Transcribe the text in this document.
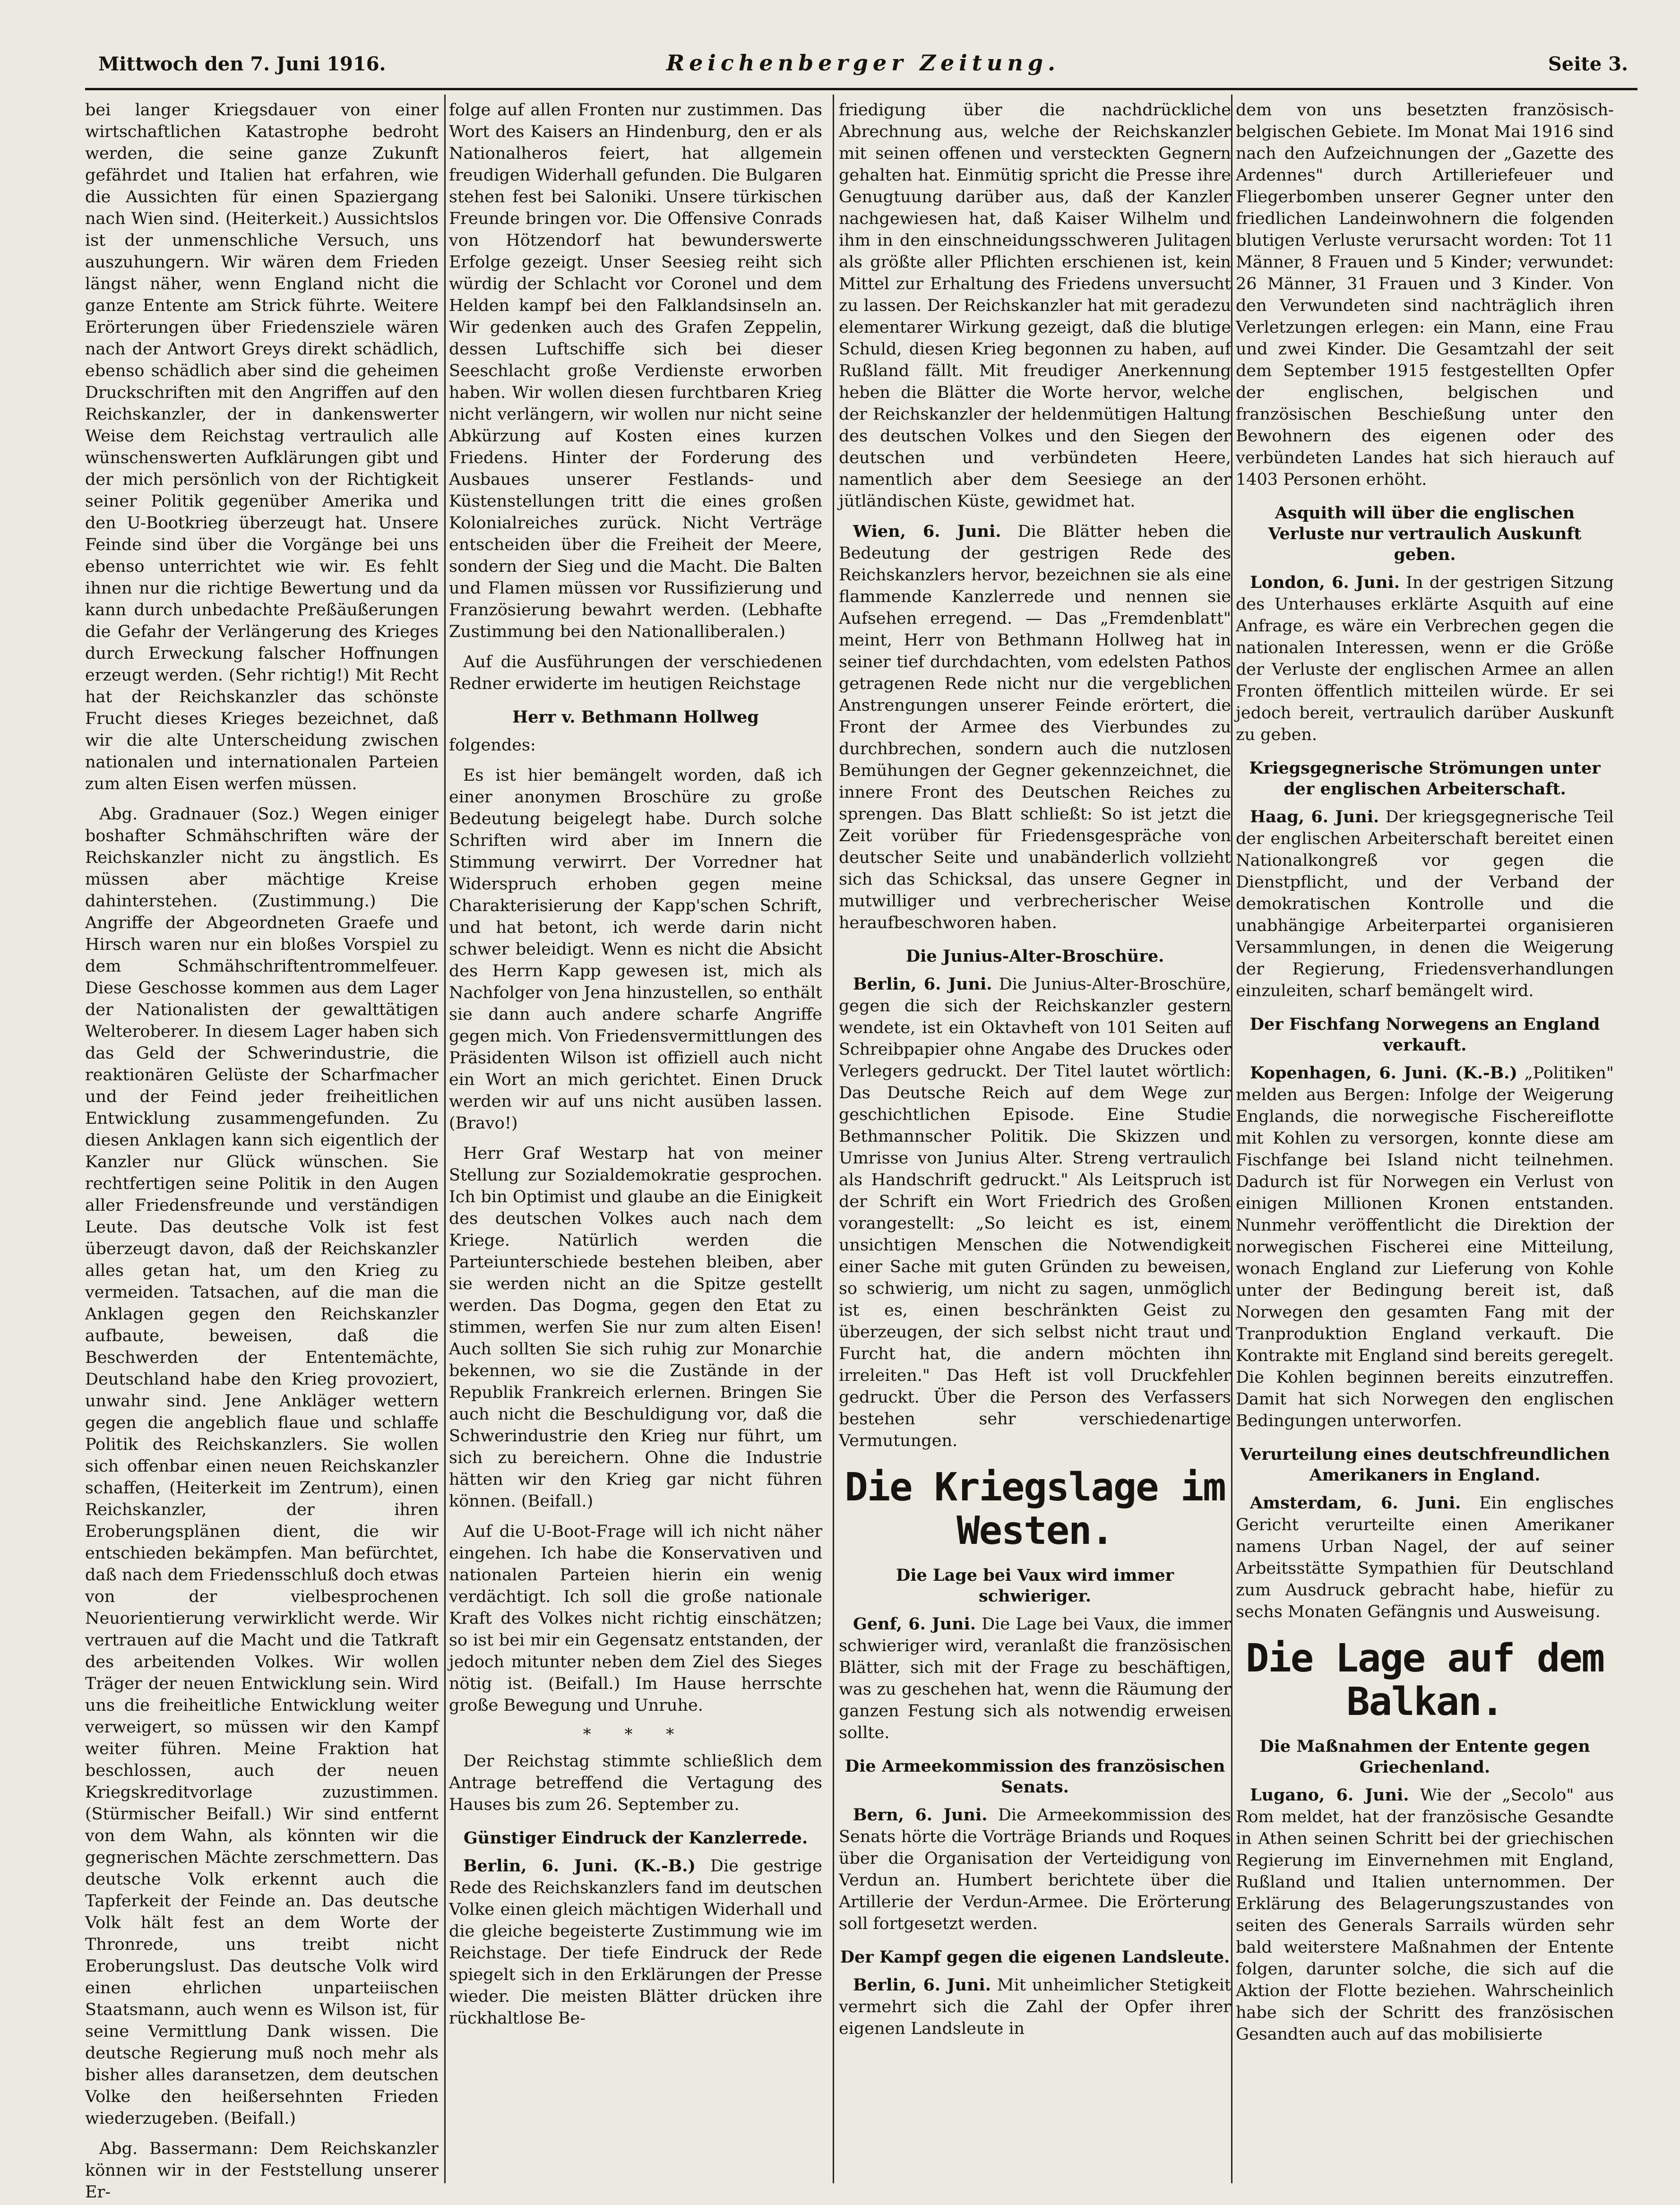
Mittwoch den 7. Juni 1916.	Reichenberger Zeitung.	Seite 3.

bei langer Kriegsdauer von einer wirtschaftlichen Katastrophe bedroht werden, die seine ganze Zukunft gefährdet und Italien hat erfahren, wie die Aussichten für einen Spaziergang nach Wien sind. (Heiterkeit.) Aussichtslos ist der unmenschliche Versuch, uns auszuhungern. Wir wären dem Frieden längst näher, wenn England nicht die ganze Entente am Strick führte. Weitere Erörterungen über Friedensziele wären nach der Antwort Greys direkt schädlich, ebenso schädlich aber sind die geheimen Druckschriften mit den Angriffen auf den Reichskanzler, der in dankenswerter Weise dem Reichstag vertraulich alle wünschenswerten Aufklärungen gibt und der mich persönlich von der Richtigkeit seiner Politik gegenüber Amerika und den U-Bootkrieg überzeugt hat. Unsere Feinde sind über die Vorgänge bei uns ebenso unterrichtet wie wir. Es fehlt ihnen nur die richtige Bewertung und da kann durch unbedachte Preßäußerungen die Gefahr der Verlängerung des Krieges durch Erweckung falscher Hoffnungen erzeugt werden. (Sehr richtig!) Mit Recht hat der Reichskanzler das schönste Frucht dieses Krieges bezeichnet, daß wir die alte Unterscheidung zwischen nationalen und internationalen Parteien zum alten Eisen werfen müssen.

Abg. Gradnauer (Soz.) Wegen einiger boshafter Schmähschriften wäre der Reichskanzler nicht zu ängstlich. Es müssen aber mächtige Kreise dahinterstehen. (Zustimmung.) Die Angriffe der Abgeordneten Graefe und Hirsch waren nur ein bloßes Vorspiel zu dem Schmähschriftentrommelfeuer. Diese Geschosse kommen aus dem Lager der Nationalisten der gewalttätigen Welteroberer. In diesem Lager haben sich das Geld der Schwerindustrie, die reaktionären Gelüste der Scharfmacher und der Feind jeder freiheitlichen Entwicklung zusammengefunden. Zu diesen Anklagen kann sich eigentlich der Kanzler nur Glück wünschen. Sie rechtfertigen seine Politik in den Augen aller Friedensfreunde und verständigen Leute. Das deutsche Volk ist fest überzeugt davon, daß der Reichskanzler alles getan hat, um den Krieg zu vermeiden. Tatsachen, auf die man die Anklagen gegen den Reichskanzler aufbaute, beweisen, daß die Beschwerden der Ententemächte, Deutschland habe den Krieg provoziert, unwahr sind. Jene Ankläger wettern gegen die angeblich flaue und schlaffe Politik des Reichskanzlers. Sie wollen sich offenbar einen neuen Reichskanzler schaffen, (Heiterkeit im Zentrum), einen Reichskanzler, der ihren Eroberungsplänen dient, die wir entschieden bekämpfen. Man befürchtet, daß nach dem Friedensschluß doch etwas von der vielbesprochenen Neuorientierung verwirklicht werde. Wir vertrauen auf die Macht und die Tatkraft des arbeitenden Volkes. Wir wollen Träger der neuen Entwicklung sein. Wird uns die freiheitliche Entwicklung weiter verweigert, so müssen wir den Kampf weiter führen. Meine Fraktion hat beschlossen, auch der neuen Kriegskreditvorlage zuzustimmen. (Stürmischer Beifall.) Wir sind entfernt von dem Wahn, als könnten wir die gegnerischen Mächte zerschmettern. Das deutsche Volk erkennt auch die Tapferkeit der Feinde an. Das deutsche Volk hält fest an dem Worte der Thronrede, uns treibt nicht Eroberungslust. Das deutsche Volk wird einen ehrlichen unparteiischen Staatsmann, auch wenn es Wilson ist, für seine Vermittlung Dank wissen. Die deutsche Regierung muß noch mehr als bisher alles daransetzen, dem deutschen Volke den heißersehnten Frieden wiederzugeben. (Beifall.)

Abg. Bassermann: Dem Reichskanzler können wir in der Feststellung unserer Er-

folge auf allen Fronten nur zustimmen. Das Wort des Kaisers an Hindenburg, den er als Nationalheros feiert, hat allgemein freudigen Widerhall gefunden. Die Bulgaren stehen fest bei Saloniki. Unsere türkischen Freunde bringen vor. Die Offensive Conrads von Hötzendorf hat bewunderswerte Erfolge gezeigt. Unser Seesieg reiht sich würdig der Schlacht vor Coronel und dem Helden kampf bei den Falklandsinseln an. Wir gedenken auch des Grafen Zeppelin, dessen Luftschiffe sich bei dieser Seeschlacht große Verdienste erworben haben. Wir wollen diesen furchtbaren Krieg nicht verlängern, wir wollen nur nicht seine Abkürzung auf Kosten eines kurzen Friedens. Hinter der Forderung des Ausbaues unserer Festlands- und Küstenstellungen tritt die eines großen Kolonialreiches zurück. Nicht Verträge entscheiden über die Freiheit der Meere, sondern der Sieg und die Macht. Die Balten und Flamen müssen vor Russifizierung und Französierung bewahrt werden. (Lebhafte Zustimmung bei den Nationalliberalen.)

Auf die Ausführungen der verschiedenen Redner erwiderte im heutigen Reichstage

Herr v. Bethmann Hollweg

folgendes:

Es ist hier bemängelt worden, daß ich einer anonymen Broschüre zu große Bedeutung beigelegt habe. Durch solche Schriften wird aber im Innern die Stimmung verwirrt. Der Vorredner hat Widerspruch erhoben gegen meine Charakterisierung der Kapp'schen Schrift, und hat betont, ich werde darin nicht schwer beleidigt. Wenn es nicht die Absicht des Herrn Kapp gewesen ist, mich als Nachfolger von Jena hinzustellen, so enthält sie dann auch andere scharfe Angriffe gegen mich. Von Friedensvermittlungen des Präsidenten Wilson ist offiziell auch nicht ein Wort an mich gerichtet. Einen Druck werden wir auf uns nicht ausüben lassen. (Bravo!)

Herr Graf Westarp hat von meiner Stellung zur Sozialdemokratie gesprochen. Ich bin Optimist und glaube an die Einigkeit des deutschen Volkes auch nach dem Kriege. Natürlich werden die Parteiunterschiede bestehen bleiben, aber sie werden nicht an die Spitze gestellt werden. Das Dogma, gegen den Etat zu stimmen, werfen Sie nur zum alten Eisen! Auch sollten Sie sich ruhig zur Monarchie bekennen, wo sie die Zustände in der Republik Frankreich erlernen. Bringen Sie auch nicht die Beschuldigung vor, daß die Schwerindustrie den Krieg nur führt, um sich zu bereichern. Ohne die Industrie hätten wir den Krieg gar nicht führen können. (Beifall.)

Auf die U-Boot-Frage will ich nicht näher eingehen. Ich habe die Konservativen und nationalen Parteien hierin ein wenig verdächtigt. Ich soll die große nationale Kraft des Volkes nicht richtig einschätzen; so ist bei mir ein Gegensatz entstanden, der jedoch mitunter neben dem Ziel des Sieges nötig ist. (Beifall.) Im Hause herrschte große Bewegung und Unruhe.

* * *

Der Reichstag stimmte schließlich dem Antrage betreffend die Vertagung des Hauses bis zum 26. September zu.

Günstiger Eindruck der Kanzlerrede.

Berlin, 6. Juni. (K.-B.) Die gestrige Rede des Reichskanzlers fand im deutschen Volke einen gleich mächtigen Widerhall und die gleiche begeisterte Zustimmung wie im Reichstage. Der tiefe Eindruck der Rede spiegelt sich in den Erklärungen der Presse wieder. Die meisten Blätter drücken ihre rückhaltlose Be-

friedigung über die nachdrückliche Abrechnung aus, welche der Reichskanzler mit seinen offenen und versteckten Gegnern gehalten hat. Einmütig spricht die Presse ihre Genugtuung darüber aus, daß der Kanzler nachgewiesen hat, daß Kaiser Wilhelm und ihm in den einschneidungsschweren Julitagen als größte aller Pflichten erschienen ist, kein Mittel zur Erhaltung des Friedens unversucht zu lassen. Der Reichskanzler hat mit geradezu elementarer Wirkung gezeigt, daß die blutige Schuld, diesen Krieg begonnen zu haben, auf Rußland fällt. Mit freudiger Anerkennung heben die Blätter die Worte hervor, welche der Reichskanzler der heldenmütigen Haltung des deutschen Volkes und den Siegen der deutschen und verbündeten Heere, namentlich aber dem Seesiege an der jütländischen Küste, gewidmet hat.

Wien, 6. Juni. Die Blätter heben die Bedeutung der gestrigen Rede des Reichskanzlers hervor, bezeichnen sie als eine flammende Kanzlerrede und nennen sie Aufsehen erregend. — Das „Fremdenblatt" meint, Herr von Bethmann Hollweg hat in seiner tief durchdachten, vom edelsten Pathos getragenen Rede nicht nur die vergeblichen Anstrengungen unserer Feinde erörtert, die Front der Armee des Vierbundes zu durchbrechen, sondern auch die nutzlosen Bemühungen der Gegner gekennzeichnet, die innere Front des Deutschen Reiches zu sprengen. Das Blatt schließt: So ist jetzt die Zeit vorüber für Friedensgespräche von deutscher Seite und unabänderlich vollzieht sich das Schicksal, das unsere Gegner in mutwilliger und verbrecherischer Weise heraufbeschworen haben.

Die Junius-Alter-Broschüre.

Berlin, 6. Juni. Die Junius-Alter-Broschüre, gegen die sich der Reichskanzler gestern wendete, ist ein Oktavheft von 101 Seiten auf Schreibpapier ohne Angabe des Druckes oder Verlegers gedruckt. Der Titel lautet wörtlich: Das Deutsche Reich auf dem Wege zur geschichtlichen Episode. Eine Studie Bethmannscher Politik. Die Skizzen und Umrisse von Junius Alter. Streng vertraulich als Handschrift gedruckt." Als Leitspruch ist der Schrift ein Wort Friedrich des Großen vorangestellt: „So leicht es ist, einem unsichtigen Menschen die Notwendigkeit einer Sache mit guten Gründen zu beweisen, so schwierig, um nicht zu sagen, unmöglich ist es, einen beschränkten Geist zu überzeugen, der sich selbst nicht traut und Furcht hat, die andern möchten ihn irreleiten." Das Heft ist voll Druckfehler gedruckt. Über die Person des Verfassers bestehen sehr verschiedenartige Vermutungen.

Die Kriegslage im Westen.
Die Lage bei Vaux wird immer schwieriger.

Genf, 6. Juni. Die Lage bei Vaux, die immer schwieriger wird, veranlaßt die französischen Blätter, sich mit der Frage zu beschäftigen, was zu geschehen hat, wenn die Räumung der ganzen Festung sich als notwendig erweisen sollte.

Die Armeekommission des französischen Senats.

Bern, 6. Juni. Die Armeekommission des Senats hörte die Vorträge Briands und Roques über die Organisation der Verteidigung von Verdun an. Humbert berichtete über die Artillerie der Verdun-Armee. Die Erörterung soll fortgesetzt werden.

Der Kampf gegen die eigenen Landsleute.

Berlin, 6. Juni. Mit unheimlicher Stetigkeit vermehrt sich die Zahl der Opfer ihrer eigenen Landsleute in

dem von uns besetzten französisch-belgischen Gebiete. Im Monat Mai 1916 sind nach den Aufzeichnungen der „Gazette des Ardennes" durch Artilleriefeuer und Fliegerbomben unserer Gegner unter den friedlichen Landeinwohnern die folgenden blutigen Verluste verursacht worden: Tot 11 Männer, 8 Frauen und 5 Kinder; verwundet: 26 Männer, 31 Frauen und 3 Kinder. Von den Verwundeten sind nachträglich ihren Verletzungen erlegen: ein Mann, eine Frau und zwei Kinder. Die Gesamtzahl der seit dem September 1915 festgestellten Opfer der englischen, belgischen und französischen Beschießung unter den Bewohnern des eigenen oder des verbündeten Landes hat sich hierauch auf 1403 Personen erhöht.

Asquith will über die englischen Verluste nur vertraulich Auskunft geben.

London, 6. Juni. In der gestrigen Sitzung des Unterhauses erklärte Asquith auf eine Anfrage, es wäre ein Verbrechen gegen die nationalen Interessen, wenn er die Größe der Verluste der englischen Armee an allen Fronten öffentlich mitteilen würde. Er sei jedoch bereit, vertraulich darüber Auskunft zu geben.

Kriegsgegnerische Strömungen unter der englischen Arbeiterschaft.

Haag, 6. Juni. Der kriegsgegnerische Teil der englischen Arbeiterschaft bereitet einen Nationalkongreß vor gegen die Dienstpflicht, und der Verband der demokratischen Kontrolle und die unabhängige Arbeiterpartei organisieren Versammlungen, in denen die Weigerung der Regierung, Friedensverhandlungen einzuleiten, scharf bemängelt wird.

Der Fischfang Norwegens an England verkauft.

Kopenhagen, 6. Juni. (K.-B.) „Politiken" melden aus Bergen: Infolge der Weigerung Englands, die norwegische Fischereiflotte mit Kohlen zu versorgen, konnte diese am Fischfange bei Island nicht teilnehmen. Dadurch ist für Norwegen ein Verlust von einigen Millionen Kronen entstanden. Nunmehr veröffentlicht die Direktion der norwegischen Fischerei eine Mitteilung, wonach England zur Lieferung von Kohle unter der Bedingung bereit ist, daß Norwegen den gesamten Fang mit der Tranproduktion England verkauft. Die Kontrakte mit England sind bereits geregelt. Die Kohlen beginnen bereits einzutreffen. Damit hat sich Norwegen den englischen Bedingungen unterworfen.

Verurteilung eines deutschfreundlichen Amerikaners in England.

Amsterdam, 6. Juni. Ein englisches Gericht verurteilte einen Amerikaner namens Urban Nagel, der auf seiner Arbeitsstätte Sympathien für Deutschland zum Ausdruck gebracht habe, hiefür zu sechs Monaten Gefängnis und Ausweisung.

Die Lage auf dem Balkan.
Die Maßnahmen der Entente gegen Griechenland.

Lugano, 6. Juni. Wie der „Secolo" aus Rom meldet, hat der französische Gesandte in Athen seinen Schritt bei der griechischen Regierung im Einvernehmen mit England, Rußland und Italien unternommen. Der Erklärung des Belagerungszustandes von seiten des Generals Sarrails würden sehr bald weiterstere Maßnahmen der Entente folgen, darunter solche, die sich auf die Aktion der Flotte beziehen. Wahrscheinlich habe sich der Schritt des französischen Gesandten auch auf das mobilisierte
